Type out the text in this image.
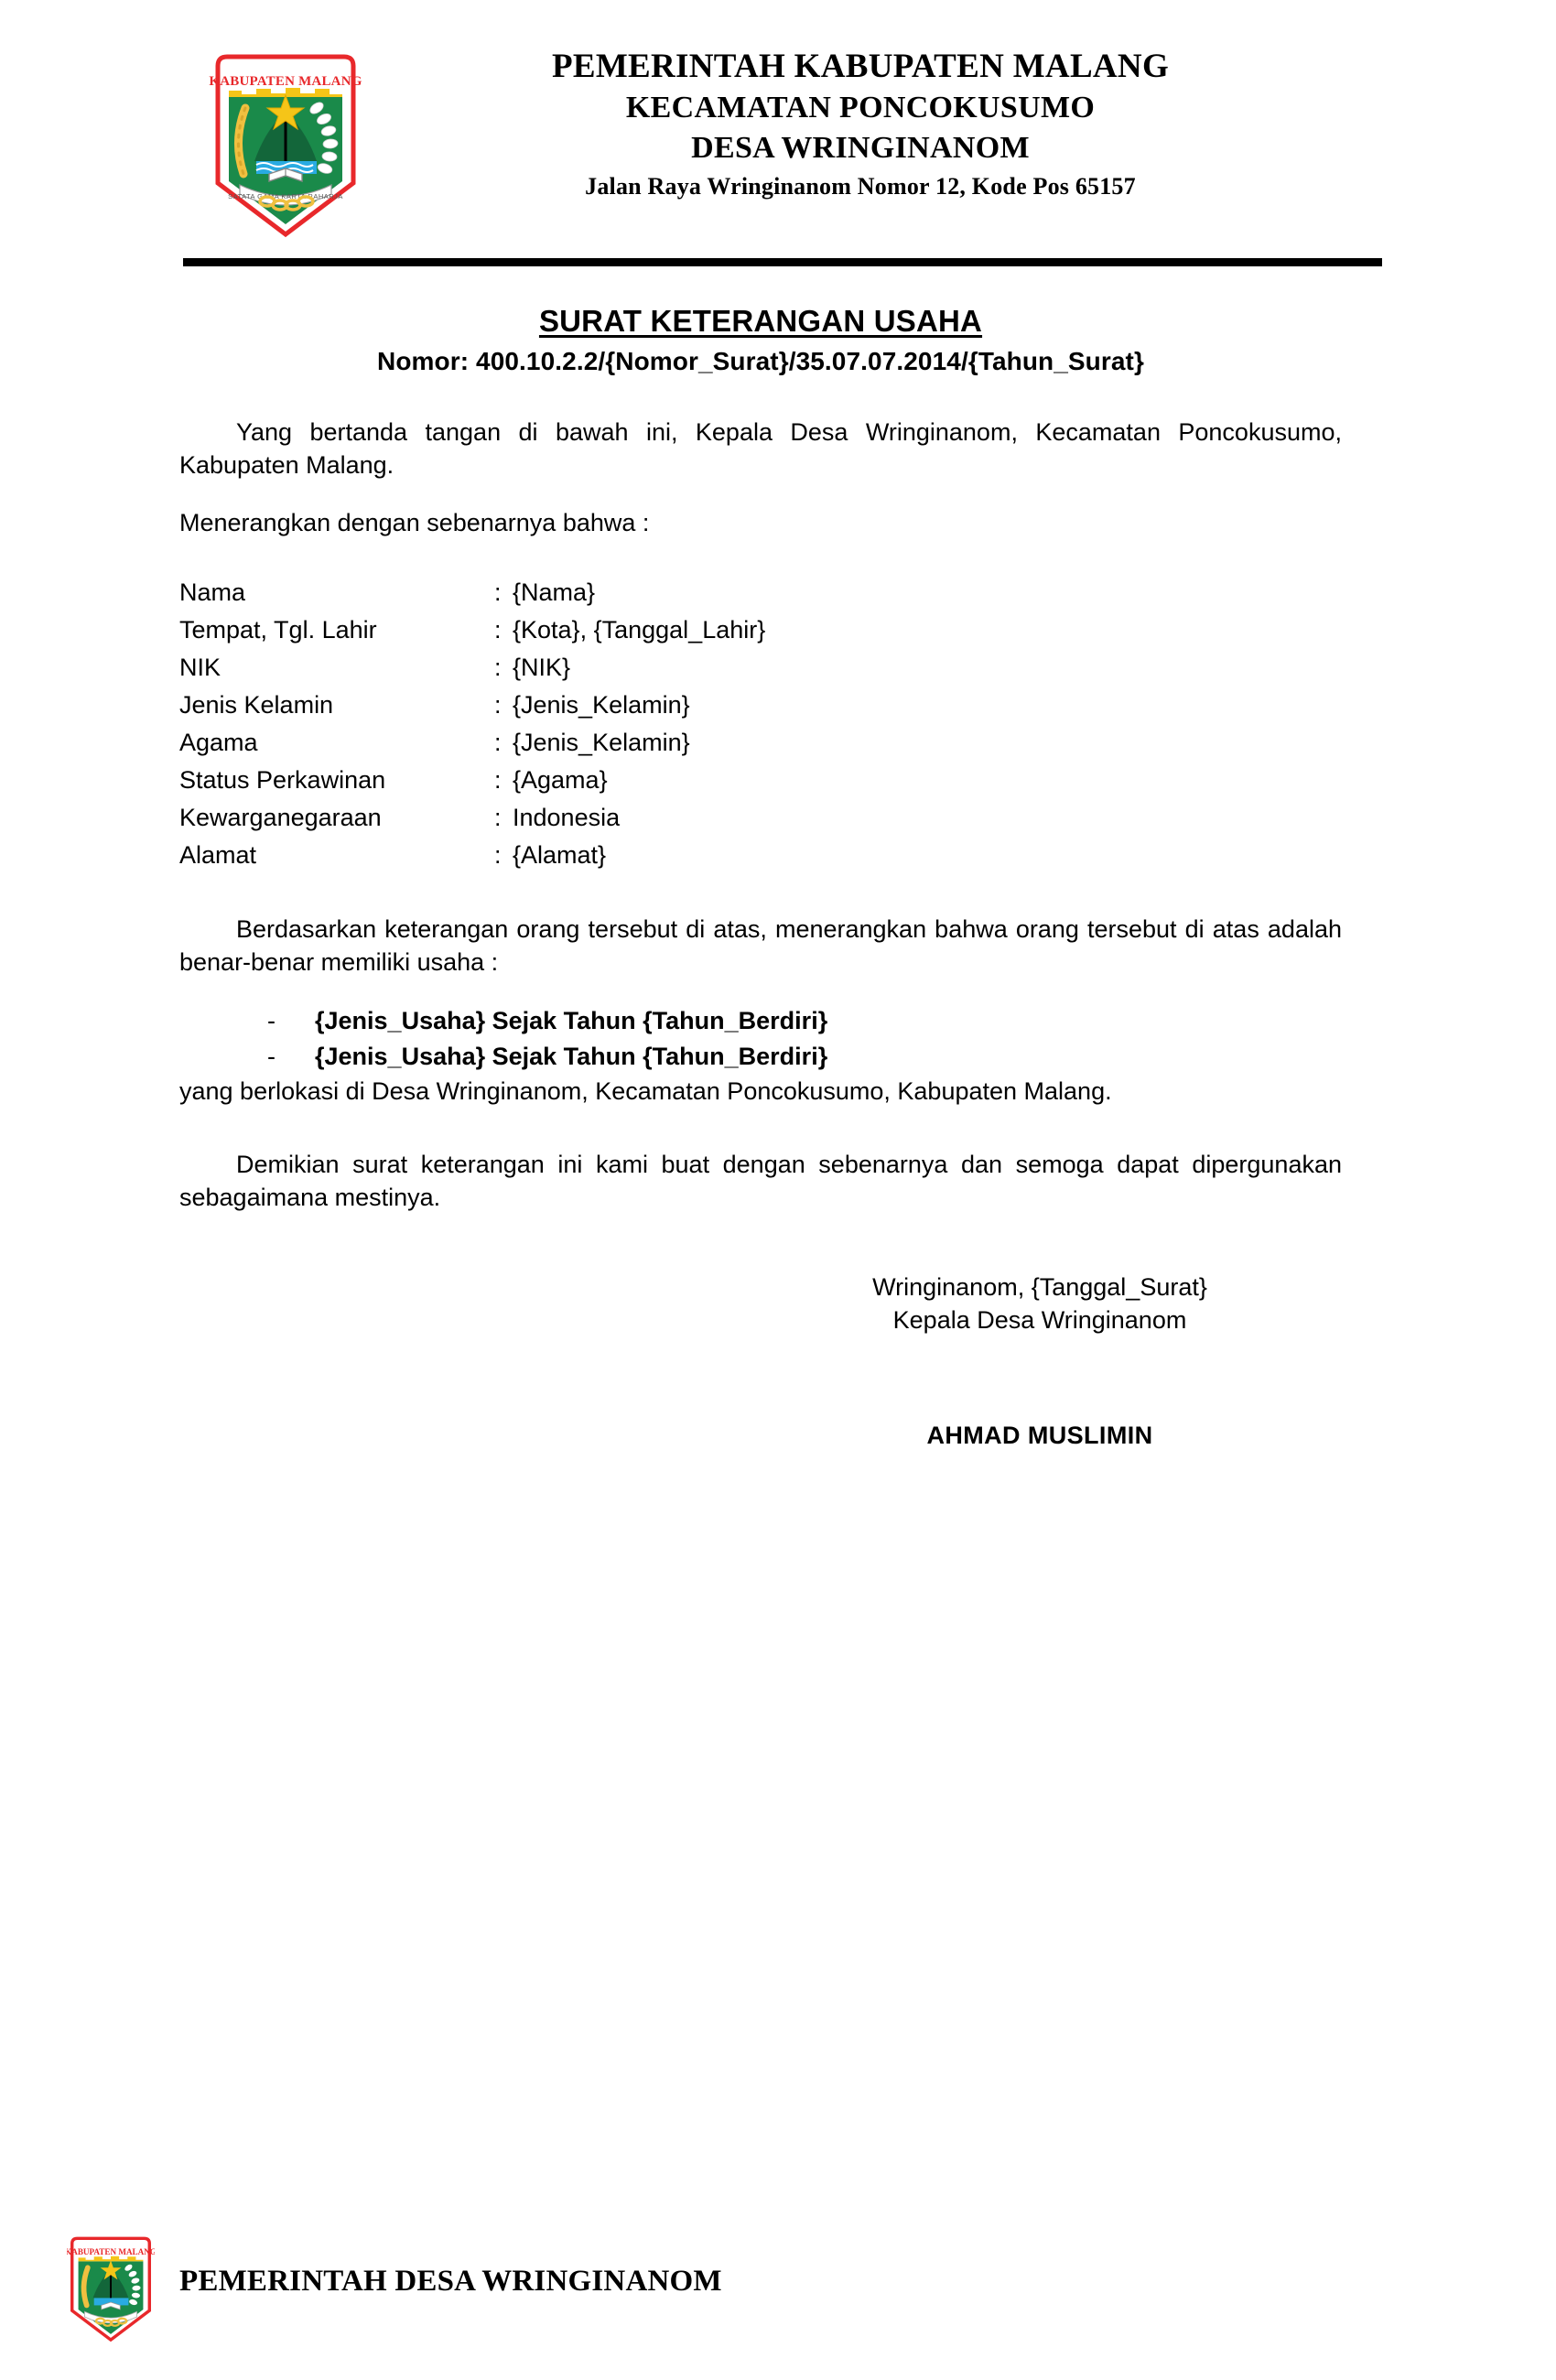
SATATA GAMA KARTA RAHARJA
KABUPATEN MALANG	PEMERINTAH KABUPATEN MALANG
KECAMATAN PONCOKUSUMO
DESA WRINGINANOM
Jalan Raya Wringinanom Nomor 12, Kode Pos 65157
SURAT KETERANGAN USAHA
Nomor: 400.10.2.2/{Nomor_Surat}/35.07.07.2014/{Tahun_Surat}

Yang bertanda tangan di bawah ini, Kepala Desa Wringinanom, Kecamatan Poncokusumo, Kabupaten Malang.

Menerangkan dengan sebenarnya bahwa :

Nama	:	{Nama}
Tempat, Tgl. Lahir	:	{Kota}, {Tanggal_Lahir}
NIK	:	{NIK}
Jenis Kelamin	:	{Jenis_Kelamin}
Agama	:	{Jenis_Kelamin}
Status Perkawinan	:	{Agama}
Kewarganegaraan	:	Indonesia
Alamat	:	{Alamat}

Berdasarkan keterangan orang tersebut di atas, menerangkan bahwa orang tersebut di atas adalah benar-benar memiliki usaha :

- {Jenis_Usaha} Sejak Tahun {Tahun_Berdiri}
- {Jenis_Usaha} Sejak Tahun {Tahun_Berdiri}

yang berlokasi di Desa Wringinanom, Kecamatan Poncokusumo, Kabupaten Malang.

Demikian surat keterangan ini kami buat dengan sebenarnya dan semoga dapat dipergunakan sebagaimana mestinya.

Wringinanom, {Tanggal_Surat}
Kepala Desa Wringinanom
AHMAD MUSLIMIN
KABUPATEN MALANG
PEMERINTAH DESA WRINGINANOM
